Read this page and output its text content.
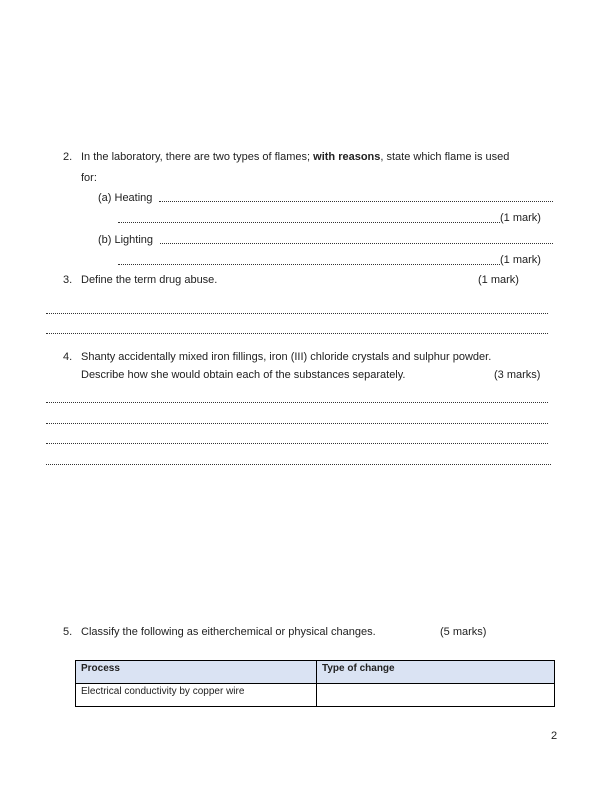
2. In the laboratory, there are two types of flames; with reasons, state which flame is used
for:
(a) Heating
(1 mark)
(b) Lighting
(1 mark)
3. Define the term drug abuse.	(1 mark)
4. Shanty accidentally mixed iron fillings, iron (III) chloride crystals and sulphur powder.
Describe how she would obtain each of the substances separately.	(3 marks)
5. Classify the following as eitherchemical or physical changes.	(5 marks)
Process	Type of change
Electrical conductivity by copper wire	
2
